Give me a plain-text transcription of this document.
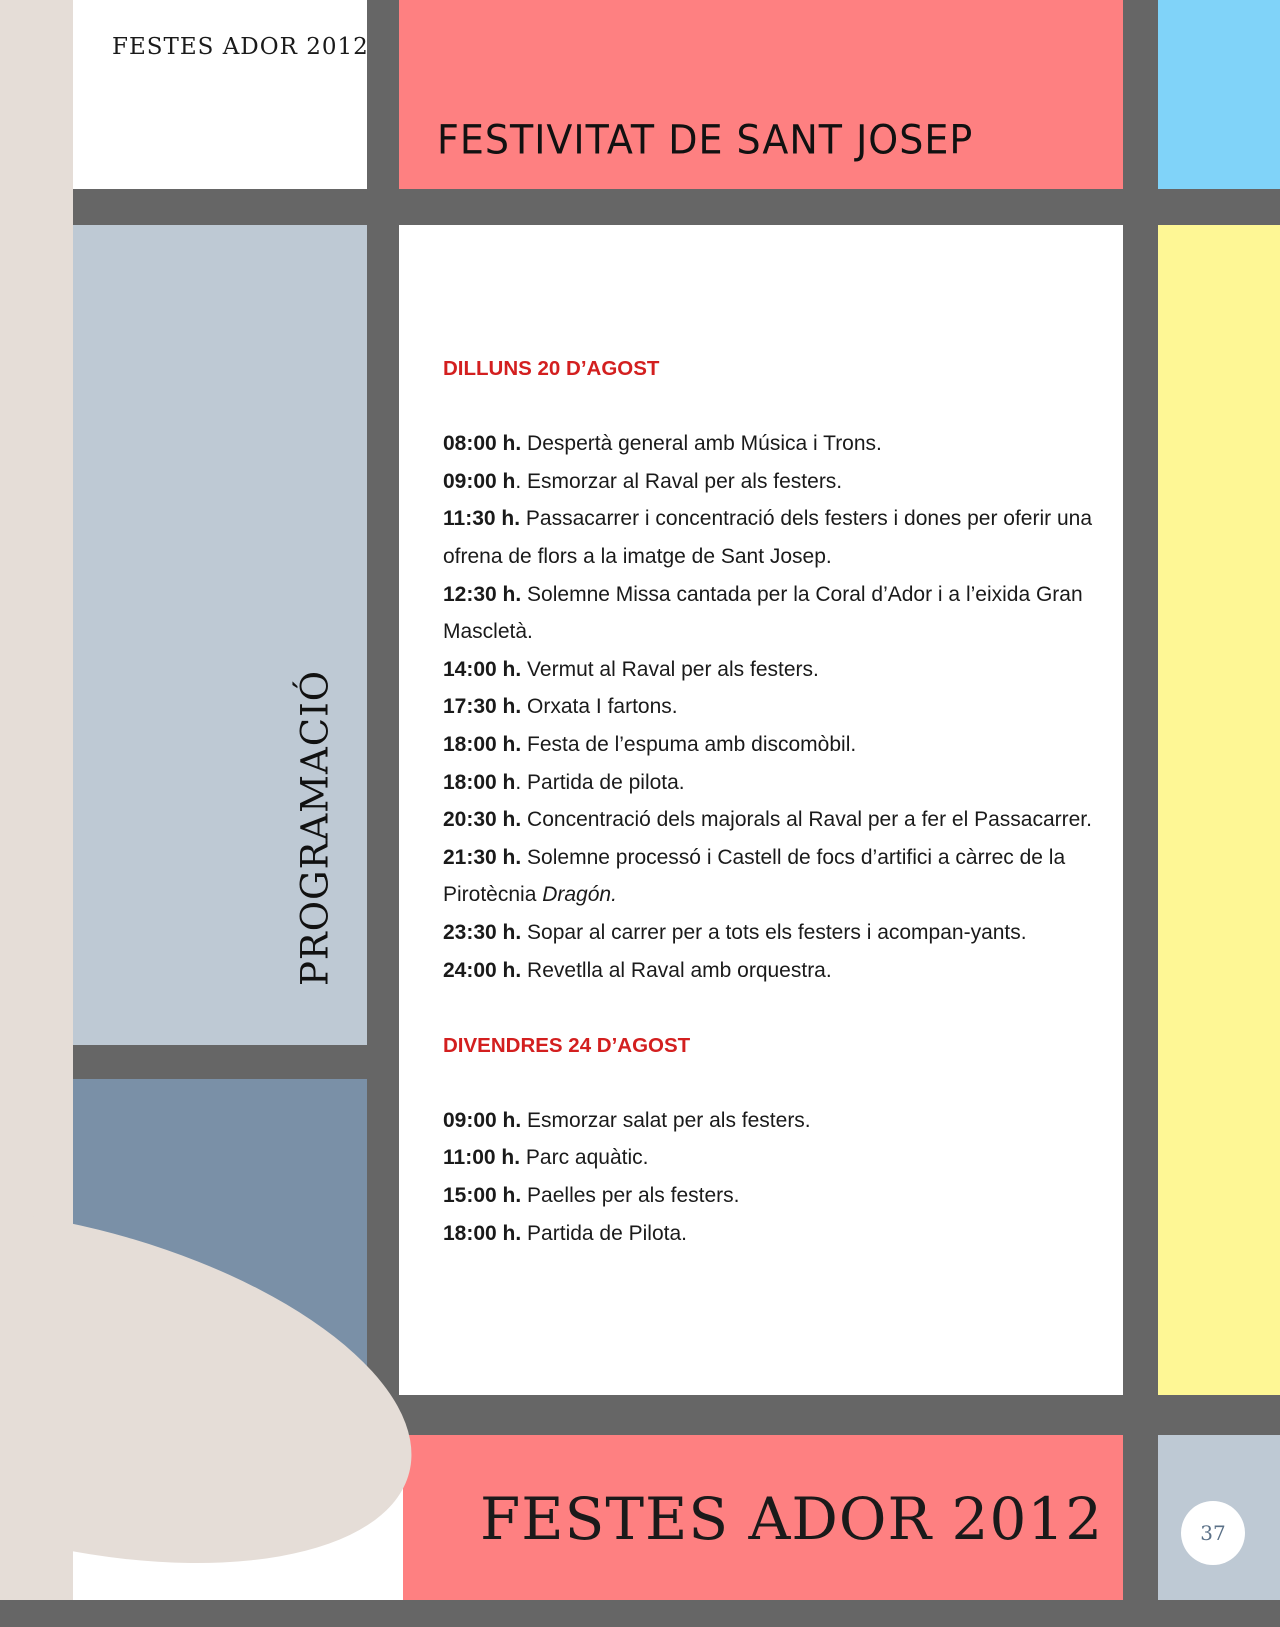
FESTES ADOR 2012
FESTIVITAT DE SANT JOSEP
PROGRAMACIÓ
DILLUNS 20 D’AGOST

08:00 h. Despertà general amb Música i Trons.

09:00 h. Esmorzar al Raval per als festers.

11:30 h. Passacarrer i concentració dels festers i dones per oferir una ofrena de flors a la imatge de Sant Josep.

12:30 h. Solemne Missa cantada per la Coral d’Ador i a l’eixida Gran Mascletà.

14:00 h. Vermut al Raval per als festers.

17:30 h. Orxata I fartons.

18:00 h. Festa de l’espuma amb discomòbil.

18:00 h. Partida de pilota.

20:30 h. Concentració dels majorals al Raval per a fer el Passacarrer.

21:30 h. Solemne processó i Castell de focs d’artifici a càrrec de la Pirotècnia Dragón.

23:30 h. Sopar al carrer per a tots els festers i acompan-yants.

24:00 h. Revetlla al Raval amb orquestra.

DIVENDRES 24 D’AGOST

09:00 h. Esmorzar salat per als festers.

11:00 h. Parc aquàtic.

15:00 h. Paelles per als festers.

18:00 h. Partida de Pilota.

FESTES ADOR 2012	37
